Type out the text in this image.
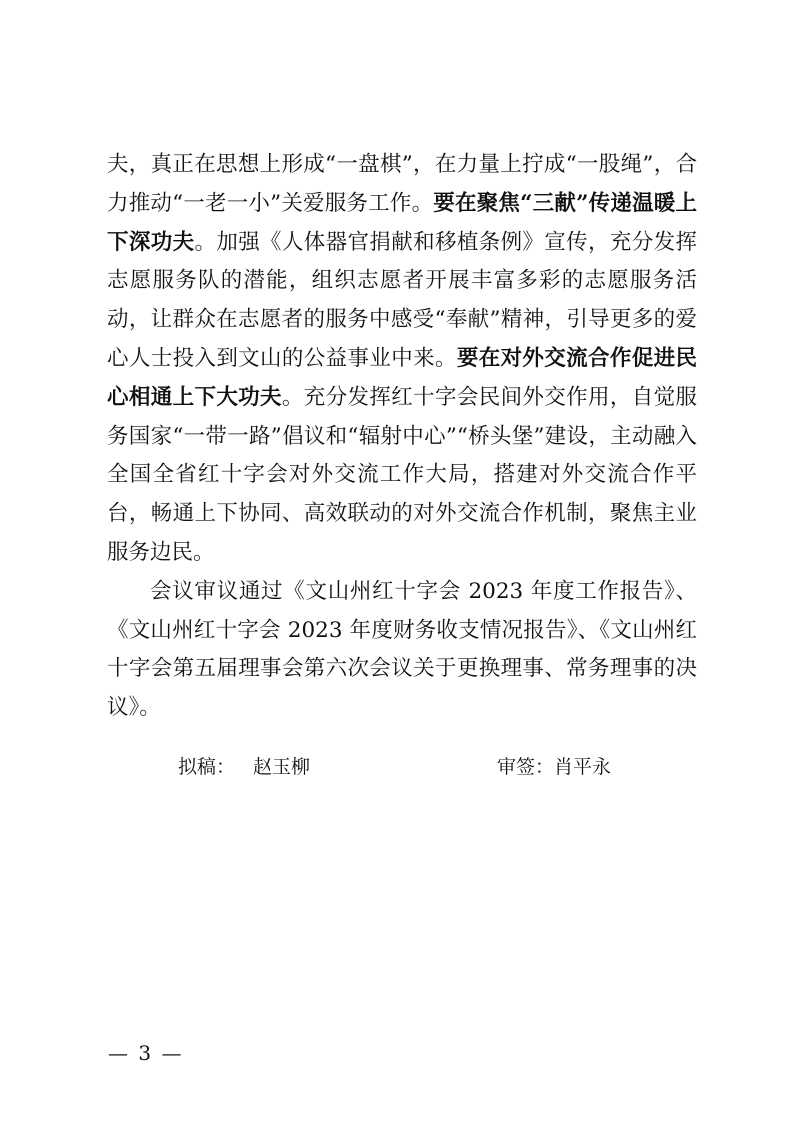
夫，真正在思想上形成“一盘棋”，在力量上拧成“一股绳”，合力推动“一老一小”关爱服务工作。要在聚焦“三献”传递温暖上下深功夫。加强《人体器官捐献和移植条例》宣传，充分发挥志愿服务队的潜能，组织志愿者开展丰富多彩的志愿服务活动，让群众在志愿者的服务中感受“奉献”精神，引导更多的爱心人士投入到文山的公益事业中来。要在对外交流合作促进民心相通上下大功夫。充分发挥红十字会民间外交作用，自觉服务国家“一带一路”倡议和“辐射中心”“桥头堡”建设，主动融入全国全省红十字会对外交流工作大局，搭建对外交流合作平台，畅通上下协同、高效联动的对外交流合作机制，聚焦主业服务边民。

会议审议通过《文山州红十字会 2023 年度工作报告》、《文山州红十字会 2023 年度财务收支情况报告》、《文山州红十字会第五届理事会第六次会议关于更换理事、常务理事的决议》。

拟稿： 赵玉柳	审签：肖平永
— 3 —
